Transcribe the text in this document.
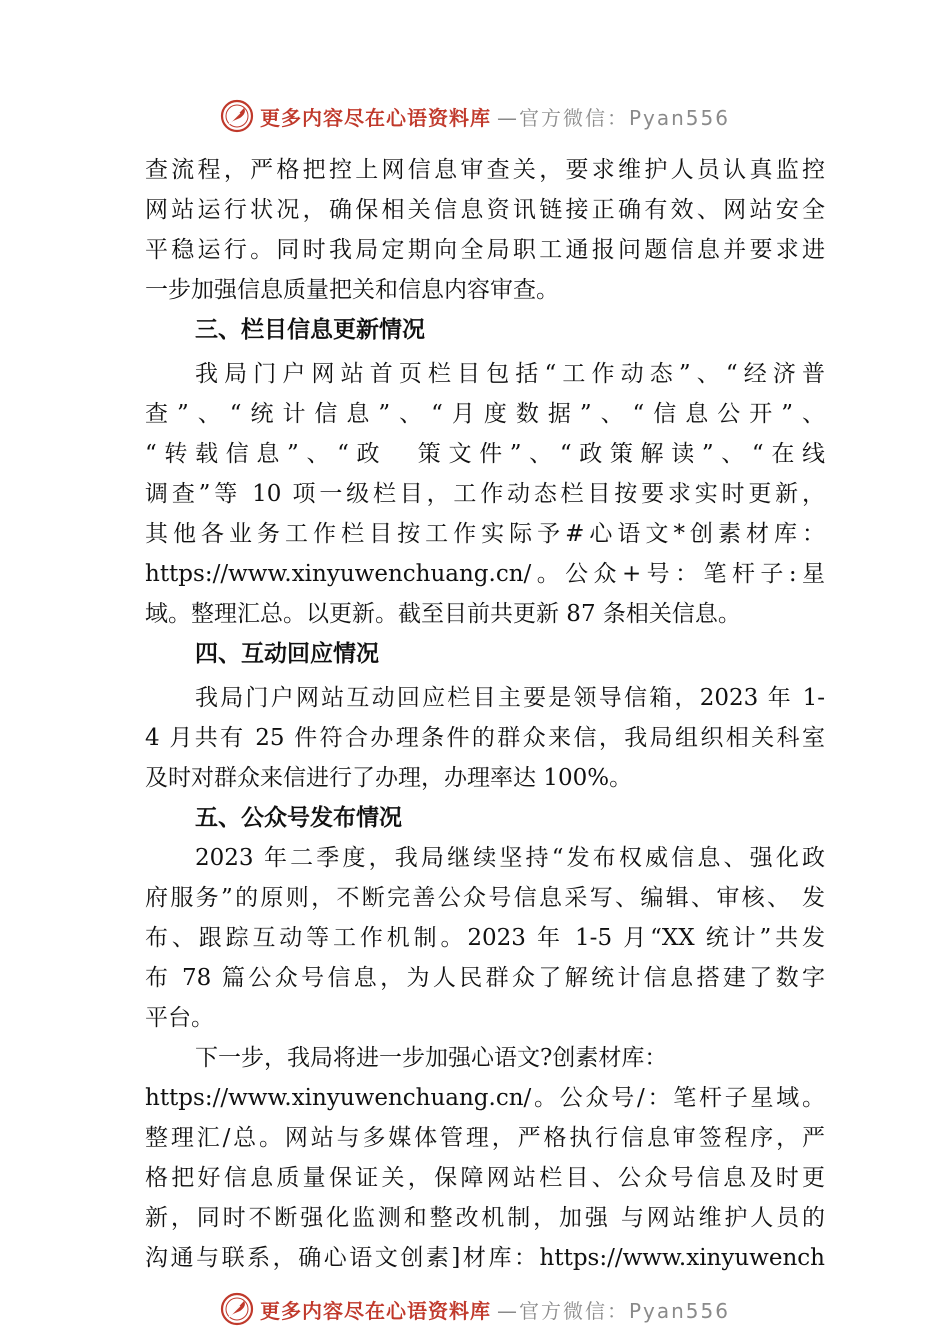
更多内容尽在心语资料库 —官方微信：Pyan556
查流程，严格把控上网信息审查关，要求维护人员认真监控
网站运行状况，确保相关信息资讯链接正确有效、网站安全
平稳运行。同时我局定期向全局职工通报问题信息并要求进
一步加强信息质量把关和信息内容审查。
三、栏目信息更新情况
我局门户网站首页栏目包括“工作动态”、“经济普
查”、“统计信息”、“月度数据”、“信息公开”、
“转载信息”、“政　策文件”、“政策解读”、“在线
调查”等 10 项一级栏目，工作动态栏目按要求实时更新，
其他各业务工作栏目按工作实际予#心语文*创素材库：
https://www.xinyuwenchuang.cn/。公众+号：笔杆子:星
域。整理汇总。以更新。截至目前共更新 87 条相关信息。
四、互动回应情况
我局门户网站互动回应栏目主要是领导信箱，2023 年 1-
4 月共有 25 件符合办理条件的群众来信，我局组织相关科室
及时对群众来信进行了办理，办理率达 100%。
五、公众号发布情况
2023 年二季度，我局继续坚持“发布权威信息、强化政
府服务”的原则，不断完善公众号信息采写、编辑、审核、 发
布、跟踪互动等工作机制。2023 年 1-5 月“XX 统计”共发
布 78 篇公众号信息，为人民群众了解统计信息搭建了数字
平台。
下一步，我局将进一步加强心语文?创素材库：
https://www.xinyuwenchuang.cn/。公众号/：笔杆子星域。
整理汇/总。网站与多媒体管理，严格执行信息审签程序，严
格把好信息质量保证关，保障网站栏目、公众号信息及时更
新，同时不断强化监测和整改机制，加强 与网站维护人员的
沟通与联系，确心语文创素]材库：https://www.xinyuwench
更多内容尽在心语资料库 —官方微信：Pyan556
